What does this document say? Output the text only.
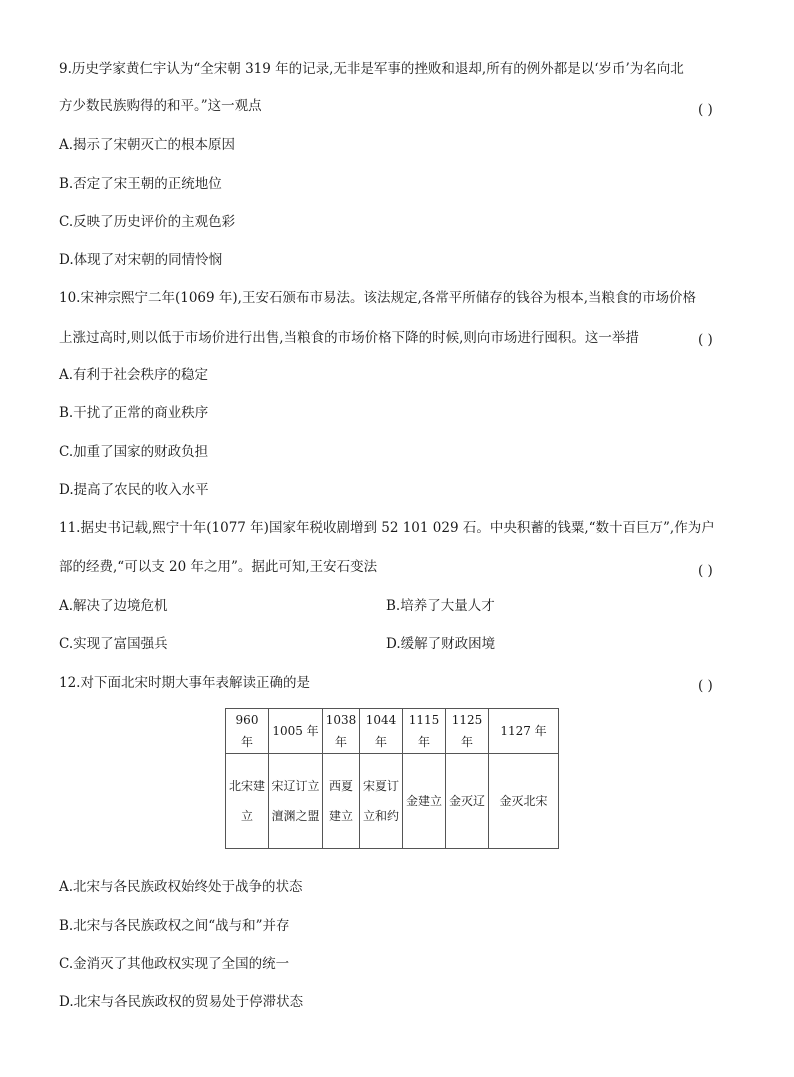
9.历史学家黄仁宇认为“全宋朝 319 年的记录,无非是军事的挫败和退却,所有的例外都是以‘岁币’为名向北
方少数民族购得的和平。”这一观点	( )
A.揭示了宋朝灭亡的根本原因
B.否定了宋王朝的正统地位
C.反映了历史评价的主观色彩
D.体现了对宋朝的同情怜悯
10.宋神宗熙宁二年(1069 年),王安石颁布市易法。该法规定,各常平所储存的钱谷为根本,当粮食的市场价格
上涨过高时,则以低于市场价进行出售,当粮食的市场价格下降的时候,则向市场进行囤积。这一举措	( )
A.有利于社会秩序的稳定
B.干扰了正常的商业秩序
C.加重了国家的财政负担
D.提高了农民的收入水平
11.据史书记载,熙宁十年(1077 年)国家年税收剧增到 52 101 029 石。中央积蓄的钱粟,“数十百巨万”,作为户
部的经费,“可以支 20 年之用”。据此可知,王安石变法	( )
A.解决了边境危机	B.培养了大量人才
C.实现了富国强兵	D.缓解了财政困境
12.对下面北宋时期大事年表解读正确的是	( )
960 年	1005 年	1038 年	1044 年	1115 年	1125 年	1127 年
北宋建立	宋辽订立澶渊之盟	西夏建立	宋夏订立和约	金建立	金灭辽	金灭北宋
A.北宋与各民族政权始终处于战争的状态
B.北宋与各民族政权之间“战与和”并存
C.金消灭了其他政权实现了全国的统一
D.北宋与各民族政权的贸易处于停滞状态
